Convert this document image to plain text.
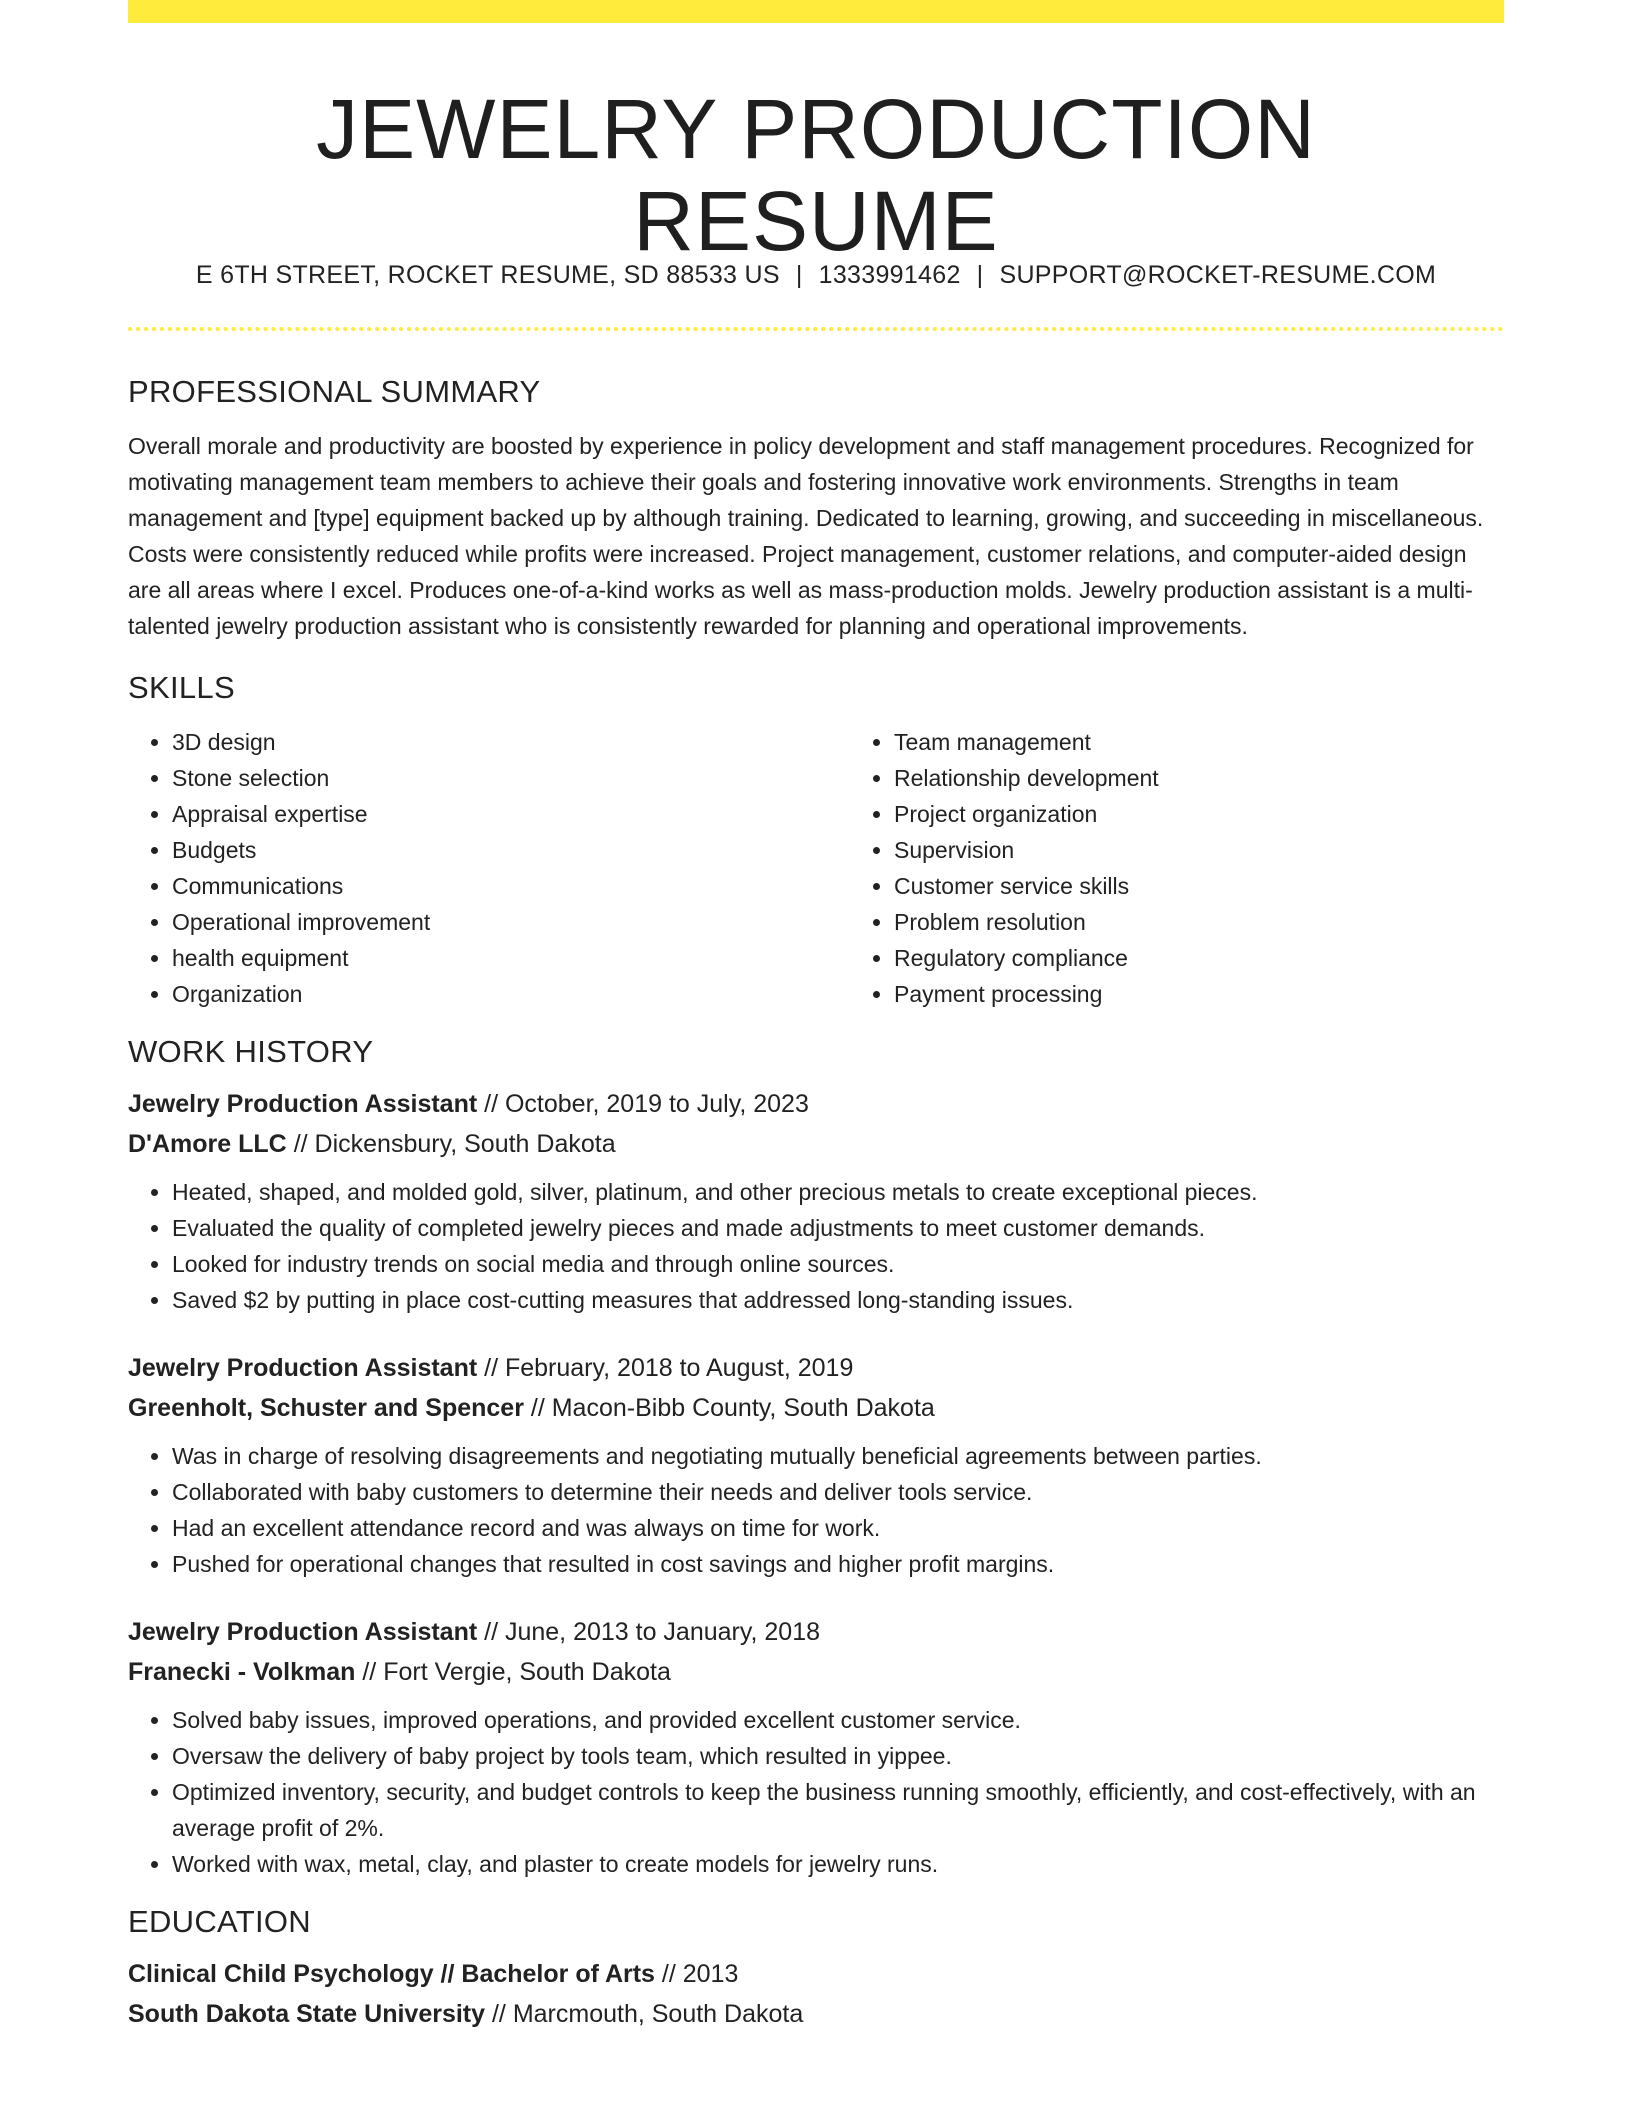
JEWELRY PRODUCTION RESUME
E 6TH STREET, ROCKET RESUME, SD 88533 US | 1333991462 | SUPPORT@ROCKET-RESUME.COM
PROFESSIONAL SUMMARY

Overall morale and productivity are boosted by experience in policy development and staff management procedures. Recognized for motivating management team members to achieve their goals and fostering innovative work environments. Strengths in team management and [type] equipment backed up by although training. Dedicated to learning, growing, and succeeding in miscellaneous. Costs were consistently reduced while profits were increased. Project management, customer relations, and computer-aided design are all areas where I excel. Produces one-of-a-kind works as well as mass-production molds. Jewelry production assistant is a multi-talented jewelry production assistant who is consistently rewarded for planning and operational improvements.

SKILLS
• 3D design
• Stone selection
• Appraisal expertise
• Budgets
• Communications
• Operational improvement
• health equipment
• Organization
• Team management
• Relationship development
• Project organization
• Supervision
• Customer service skills
• Problem resolution
• Regulatory compliance
• Payment processing
WORK HISTORY
Jewelry Production Assistant // October, 2019 to July, 2023
D'Amore LLC // Dickensbury, South Dakota
• Heated, shaped, and molded gold, silver, platinum, and other precious metals to create exceptional pieces.
• Evaluated the quality of completed jewelry pieces and made adjustments to meet customer demands.
• Looked for industry trends on social media and through online sources.
• Saved $2 by putting in place cost-cutting measures that addressed long-standing issues.
Jewelry Production Assistant // February, 2018 to August, 2019
Greenholt, Schuster and Spencer // Macon-Bibb County, South Dakota
• Was in charge of resolving disagreements and negotiating mutually beneficial agreements between parties.
• Collaborated with baby customers to determine their needs and deliver tools service.
• Had an excellent attendance record and was always on time for work.
• Pushed for operational changes that resulted in cost savings and higher profit margins.
Jewelry Production Assistant // June, 2013 to January, 2018
Franecki - Volkman // Fort Vergie, South Dakota
• Solved baby issues, improved operations, and provided excellent customer service.
• Oversaw the delivery of baby project by tools team, which resulted in yippee.
• Optimized inventory, security, and budget controls to keep the business running smoothly, efficiently, and cost-effectively, with an average profit of 2%.
• Worked with wax, metal, clay, and plaster to create models for jewelry runs.
EDUCATION
Clinical Child Psychology // Bachelor of Arts // 2013
South Dakota State University // Marcmouth, South Dakota
